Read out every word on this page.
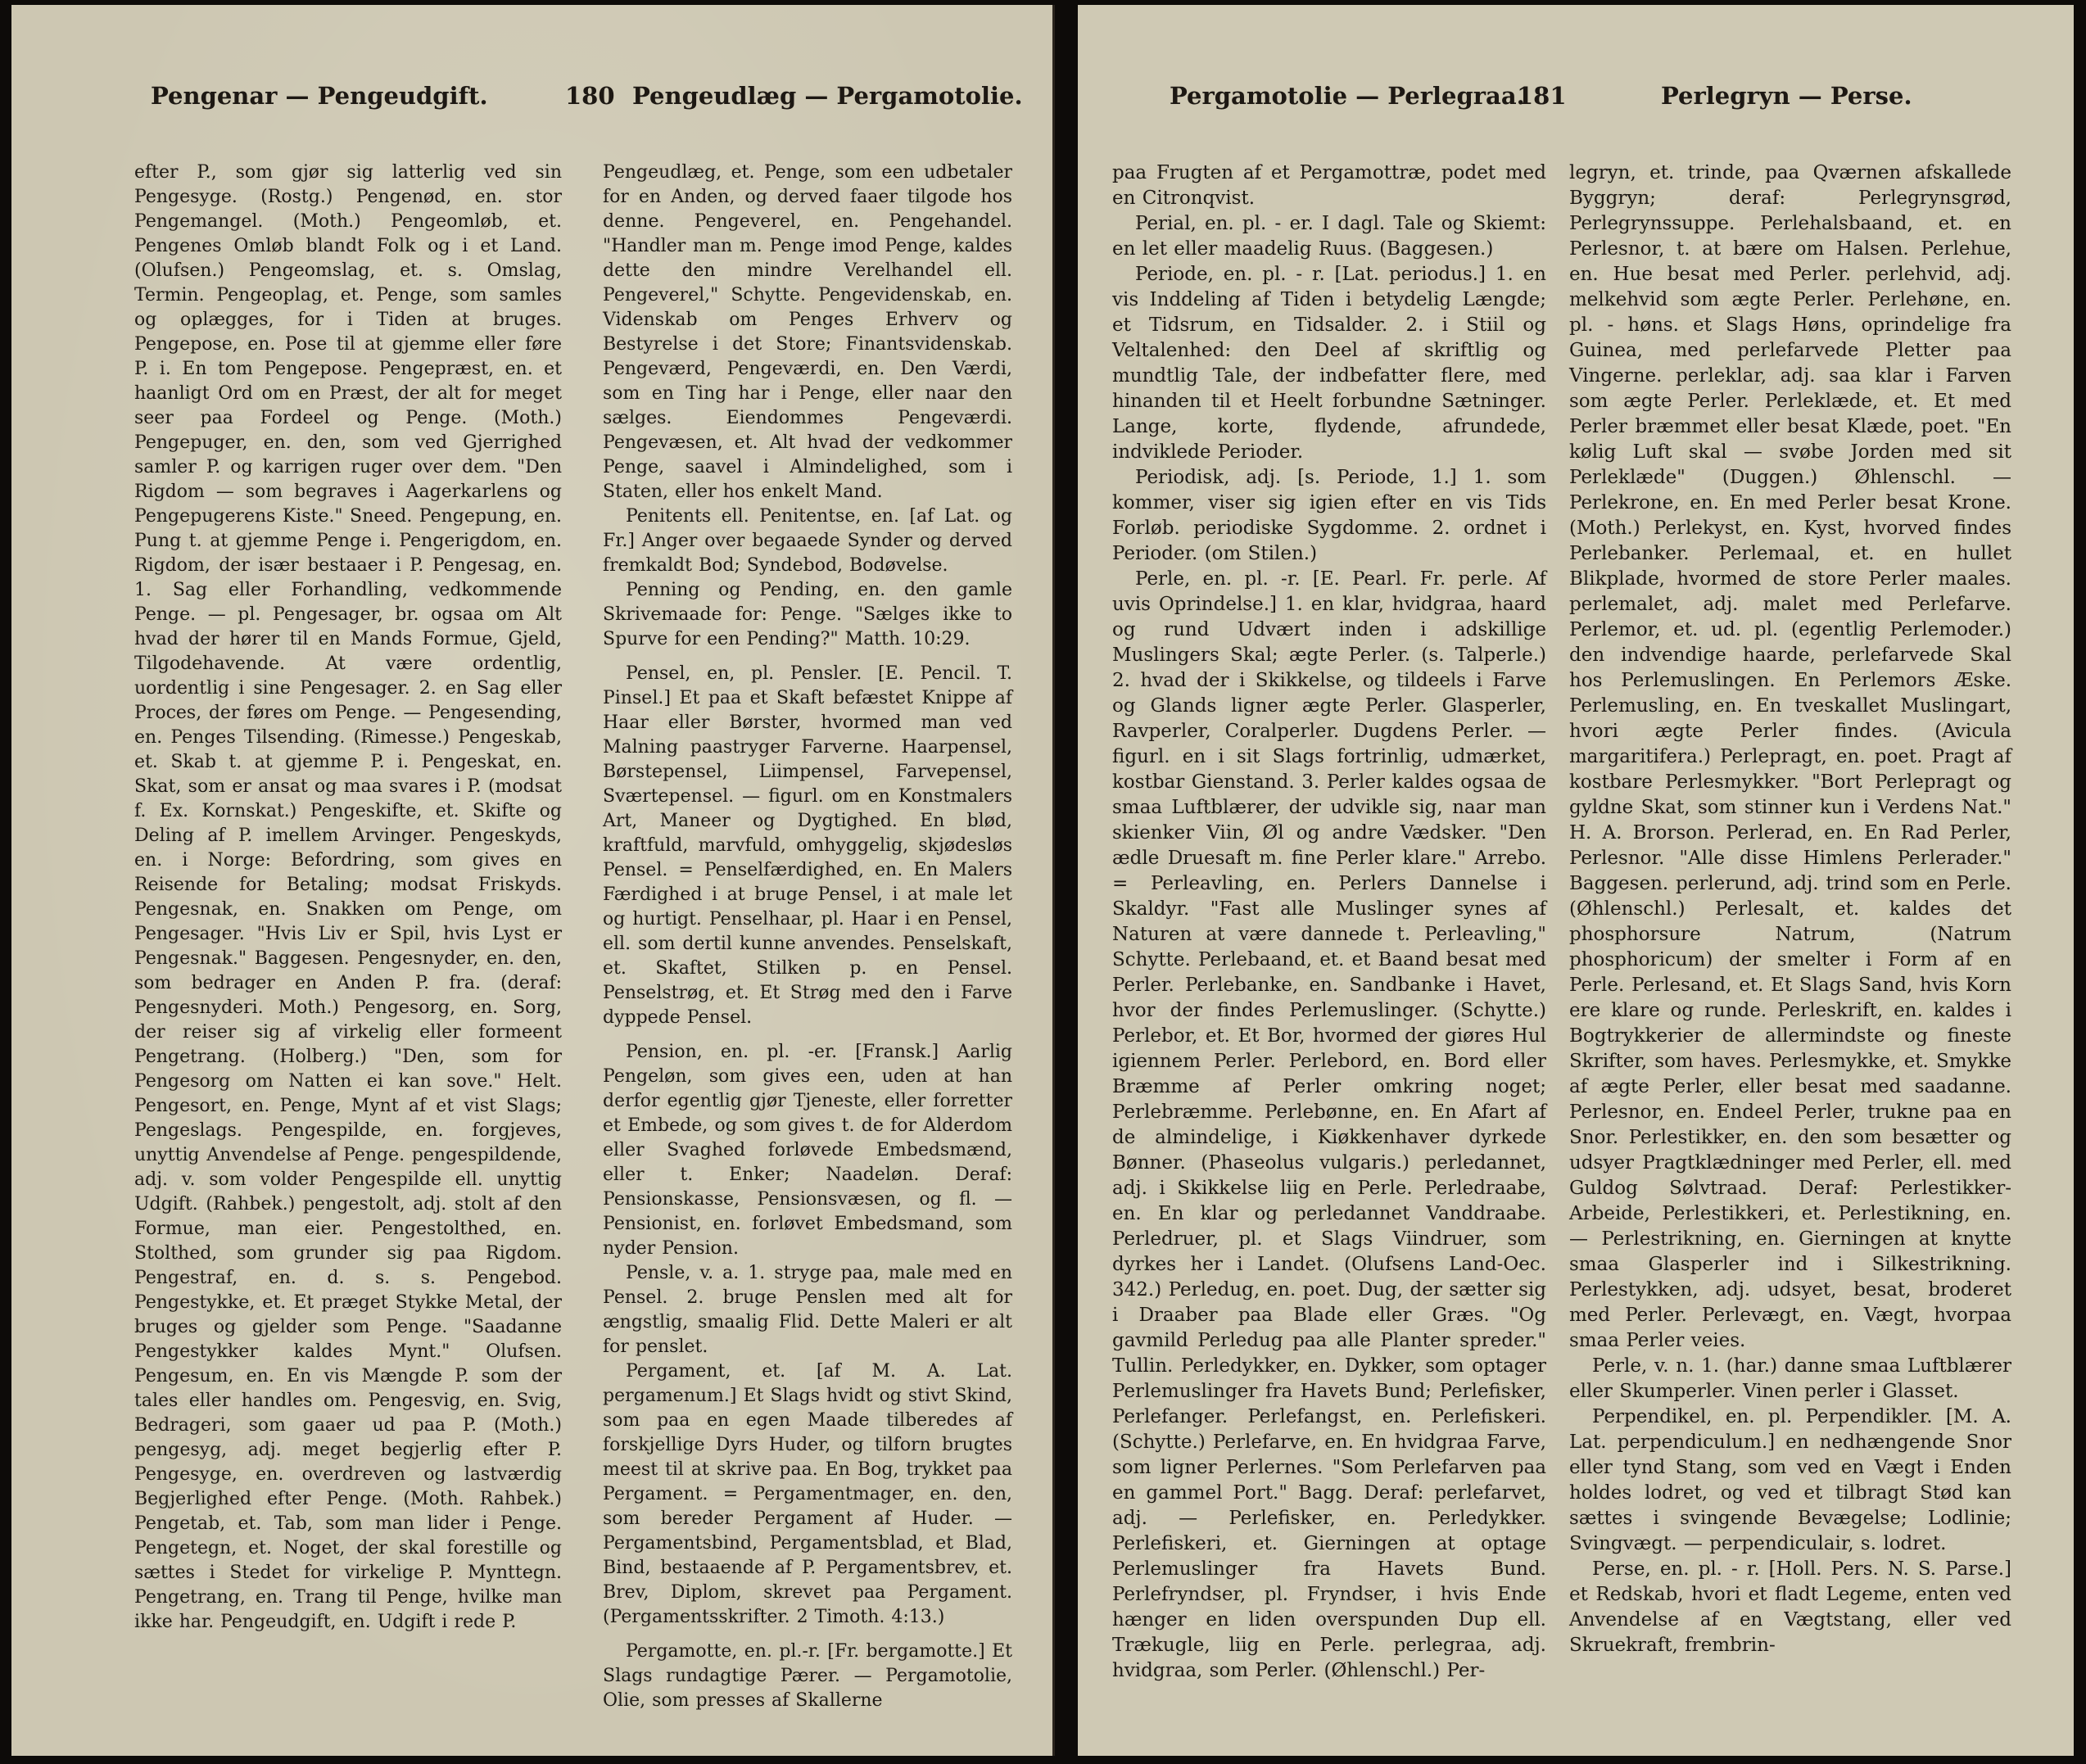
Pengenar — Pengeudgift.	180 Pengeudlæg — Pergamotolie.

efter P., som gjør sig latterlig ved sin Pengesyge. (Rostg.) Pengenød, en. stor Pengemangel. (Moth.) Pengeomløb, et. Pengenes Omløb blandt Folk og i et Land. (Olufsen.) Pengeomslag, et. s. Omslag, Termin. Pengeoplag, et. Penge, som samles og oplægges, for i Tiden at bruges. Pengepose, en. Pose til at gjemme eller føre P. i. En tom Pengepose. Pengepræst, en. et haanligt Ord om en Præst, der alt for meget seer paa Fordeel og Penge. (Moth.) Pengepuger, en. den, som ved Gjerrighed samler P. og karrigen ruger over dem. "Den Rigdom — som begraves i Aagerkarlens og Pengepugerens Kiste." Sneed. Pengepung, en. Pung t. at gjemme Penge i. Pengerigdom, en. Rigdom, der især bestaaer i P. Pengesag, en. 1. Sag eller Forhandling, vedkommende Penge. — pl. Pengesager, br. ogsaa om Alt hvad der hører til en Mands Formue, Gjeld, Tilgodehavende. At være ordentlig, uordentlig i sine Pengesager. 2. en Sag eller Proces, der føres om Penge. — Pengesending, en. Penges Tilsending. (Rimesse.) Pengeskab, et. Skab t. at gjemme P. i. Pengeskat, en. Skat, som er ansat og maa svares i P. (modsat f. Ex. Kornskat.) Pengeskifte, et. Skifte og Deling af P. imellem Arvinger. Pengeskyds, en. i Norge: Befordring, som gives en Reisende for Betaling; modsat Friskyds. Pengesnak, en. Snakken om Penge, om Pengesager. "Hvis Liv er Spil, hvis Lyst er Pengesnak." Baggesen. Pengesnyder, en. den, som bedrager en Anden P. fra. (deraf: Pengesnyderi. Moth.) Pengesorg, en. Sorg, der reiser sig af virkelig eller formeent Pengetrang. (Holberg.) "Den, som for Pengesorg om Natten ei kan sove." Helt. Pengesort, en. Penge, Mynt af et vist Slags; Pengeslags. Pengespilde, en. forgjeves, unyttig Anvendelse af Penge. pengespildende, adj. v. som volder Pengespilde ell. unyttig Udgift. (Rahbek.) pengestolt, adj. stolt af den Formue, man eier. Pengestolthed, en. Stolthed, som grunder sig paa Rigdom. Pengestraf, en. d. s. s. Pengebod. Pengestykke, et. Et præget Stykke Metal, der bruges og gjelder som Penge. "Saadanne Pengestykker kaldes Mynt." Olufsen. Pengesum, en. En vis Mængde P. som der tales eller handles om. Pengesvig, en. Svig, Bedrageri, som gaaer ud paa P. (Moth.) pengesyg, adj. meget begjerlig efter P. Pengesyge, en. overdreven og lastværdig Begjerlighed efter Penge. (Moth. Rahbek.) Pengetab, et. Tab, som man lider i Penge. Pengetegn, et. Noget, der skal forestille og sættes i Stedet for virkelige P. Mynttegn. Pengetrang, en. Trang til Penge, hvilke man ikke har. Pengeudgift, en. Udgift i rede P.

Pengeudlæg, et. Penge, som een udbetaler for en Anden, og derved faaer tilgode hos denne. Pengeverel, en. Pengehandel. "Handler man m. Penge imod Penge, kaldes dette den mindre Verelhandel ell. Pengeverel," Schytte. Pengevidenskab, en. Videnskab om Penges Erhverv og Bestyrelse i det Store; Finantsvidenskab. Pengeværd, Pengeværdi, en. Den Værdi, som en Ting har i Penge, eller naar den sælges. Eiendommes Pengeværdi. Pengevæsen, et. Alt hvad der vedkommer Penge, saavel i Almindelighed, som i Staten, eller hos enkelt Mand.

Penitents ell. Penitentse, en. [af Lat. og Fr.] Anger over begaaede Synder og derved fremkaldt Bod; Syndebod, Bodøvelse.

Penning og Pending, en. den gamle Skrivemaade for: Penge. "Sælges ikke to Spurve for een Pending?" Matth. 10:29.

Pensel, en, pl. Pensler. [E. Pencil. T. Pinsel.] Et paa et Skaft befæstet Knippe af Haar eller Børster, hvormed man ved Malning paastryger Farverne. Haarpensel, Børstepensel, Liimpensel, Farvepensel, Sværtepensel. — figurl. om en Konstmalers Art, Maneer og Dygtighed. En blød, kraftfuld, marvfuld, omhyggelig, skjødesløs Pensel. = Penselfærdighed, en. En Malers Færdighed i at bruge Pensel, i at male let og hurtigt. Penselhaar, pl. Haar i en Pensel, ell. som dertil kunne anvendes. Penselskaft, et. Skaftet, Stilken p. en Pensel. Penselstrøg, et. Et Strøg med den i Farve dyppede Pensel.

Pension, en. pl. -er. [Fransk.] Aarlig Pengeløn, som gives een, uden at han derfor egentlig gjør Tjeneste, eller forretter et Embede, og som gives t. de for Alderdom eller Svaghed forløvede Embedsmænd, eller t. Enker; Naadeløn. Deraf: Pensionskasse, Pensionsvæsen, og fl. — Pensionist, en. forløvet Embedsmand, som nyder Pension.

Pensle, v. a. 1. stryge paa, male med en Pensel. 2. bruge Penslen med alt for ængstlig, smaalig Flid. Dette Maleri er alt for penslet.

Pergament, et. [af M. A. Lat. pergamenum.] Et Slags hvidt og stivt Skind, som paa en egen Maade tilberedes af forskjellige Dyrs Huder, og tilforn brugtes meest til at skrive paa. En Bog, trykket paa Pergament. = Pergamentmager, en. den, som bereder Pergament af Huder. — Pergamentsbind, Pergamentsblad, et Blad, Bind, bestaaende af P. Pergamentsbrev, et. Brev, Diplom, skrevet paa Pergament. (Pergamentsskrifter. 2 Timoth. 4:13.)

Pergamotte, en. pl.-r. [Fr. bergamotte.] Et Slags rundagtige Pærer. — Pergamotolie, Olie, som presses af Skallerne

Pergamotolie — Perlegraa.
181	Perlegryn — Perse.

paa Frugten af et Pergamottræ, podet med en Citronqvist.

Perial, en. pl. - er. I dagl. Tale og Skiemt: en let eller maadelig Ruus. (Baggesen.)

Periode, en. pl. - r. [Lat. periodus.] 1. en vis Inddeling af Tiden i betydelig Længde; et Tidsrum, en Tidsalder. 2. i Stiil og Veltalenhed: den Deel af skriftlig og mundtlig Tale, der indbefatter flere, med hinanden til et Heelt forbundne Sætninger. Lange, korte, flydende, afrundede, indviklede Perioder.

Periodisk, adj. [s. Periode, 1.] 1. som kommer, viser sig igien efter en vis Tids Forløb. periodiske Sygdomme. 2. ordnet i Perioder. (om Stilen.)

Perle, en. pl. -r. [E. Pearl. Fr. perle. Af uvis Oprindelse.] 1. en klar, hvidgraa, haard og rund Udvært inden i adskillige Muslingers Skal; ægte Perler. (s. Talperle.) 2. hvad der i Skikkelse, og tildeels i Farve og Glands ligner ægte Perler. Glasperler, Ravperler, Coralperler. Dugdens Perler. — figurl. en i sit Slags fortrinlig, udmærket, kostbar Gienstand. 3. Perler kaldes ogsaa de smaa Luftblærer, der udvikle sig, naar man skienker Viin, Øl og andre Vædsker. "Den ædle Druesaft m. fine Perler klare." Arrebo. = Perleavling, en. Perlers Dannelse i Skaldyr. "Fast alle Muslinger synes af Naturen at være dannede t. Perleavling," Schytte. Perlebaand, et. et Baand besat med Perler. Perlebanke, en. Sandbanke i Havet, hvor der findes Perlemuslinger. (Schytte.) Perlebor, et. Et Bor, hvormed der giøres Hul igiennem Perler. Perlebord, en. Bord eller Bræmme af Perler omkring noget; Perlebræmme. Perlebønne, en. En Afart af de almindelige, i Kiøkkenhaver dyrkede Bønner. (Phaseolus vulgaris.) perledannet, adj. i Skikkelse liig en Perle. Perledraabe, en. En klar og perledannet Vanddraabe. Perledruer, pl. et Slags Viindruer, som dyrkes her i Landet. (Olufsens Land-Oec. 342.) Perledug, en. poet. Dug, der sætter sig i Draaber paa Blade eller Græs. "Og gavmild Perledug paa alle Planter spreder." Tullin. Perledykker, en. Dykker, som optager Perlemuslinger fra Havets Bund; Perlefisker, Perlefanger. Perlefangst, en. Perlefiskeri. (Schytte.) Perlefarve, en. En hvidgraa Farve, som ligner Perlernes. "Som Perlefarven paa en gammel Port." Bagg. Deraf: perlefarvet, adj. — Perlefisker, en. Perledykker. Perlefiskeri, et. Gierningen at optage Perlemuslinger fra Havets Bund. Perlefryndser, pl. Fryndser, i hvis Ende hænger en liden overspunden Dup ell. Trækugle, liig en Perle. perlegraa, adj. hvidgraa, som Perler. (Øhlenschl.) Per-

legryn, et. trinde, paa Qværnen afskallede Byggryn; deraf: Perlegrynsgrød, Perlegrynssuppe. Perlehalsbaand, et. en Perlesnor, t. at bære om Halsen. Perlehue, en. Hue besat med Perler. perlehvid, adj. melkehvid som ægte Perler. Perlehøne, en. pl. - høns. et Slags Høns, oprindelige fra Guinea, med perlefarvede Pletter paa Vingerne. perleklar, adj. saa klar i Farven som ægte Perler. Perleklæde, et. Et med Perler bræmmet eller besat Klæde, poet. "En kølig Luft skal — svøbe Jorden med sit Perleklæde" (Duggen.) Øhlenschl. — Perlekrone, en. En med Perler besat Krone. (Moth.) Perlekyst, en. Kyst, hvorved findes Perlebanker. Perlemaal, et. en hullet Blikplade, hvormed de store Perler maales. perlemalet, adj. malet med Perlefarve. Perlemor, et. ud. pl. (egentlig Perlemoder.) den indvendige haarde, perlefarvede Skal hos Perlemuslingen. En Perlemors Æske. Perlemusling, en. En tveskallet Muslingart, hvori ægte Perler findes. (Avicula margaritifera.) Perlepragt, en. poet. Pragt af kostbare Perlesmykker. "Bort Perlepragt og gyldne Skat, som stinner kun i Verdens Nat." H. A. Brorson. Perlerad, en. En Rad Perler, Perlesnor. "Alle disse Himlens Perlerader." Baggesen. perlerund, adj. trind som en Perle. (Øhlenschl.) Perlesalt, et. kaldes det phosphorsure Natrum, (Natrum phosphoricum) der smelter i Form af en Perle. Perlesand, et. Et Slags Sand, hvis Korn ere klare og runde. Perleskrift, en. kaldes i Bogtrykkerier de allermindste og fineste Skrifter, som haves. Perlesmykke, et. Smykke af ægte Perler, eller besat med saadanne. Perlesnor, en. Endeel Perler, trukne paa en Snor. Perlestikker, en. den som besætter og udsyer Pragtklædninger med Perler, ell. med Guldog Sølvtraad. Deraf: Perlestikker-Arbeide, Perlestikkeri, et. Perlestikning, en. — Perlestrikning, en. Gierningen at knytte smaa Glasperler ind i Silkestrikning. Perlestykken, adj. udsyet, besat, broderet med Perler. Perlevægt, en. Vægt, hvorpaa smaa Perler veies.

Perle, v. n. 1. (har.) danne smaa Luftblærer eller Skumperler. Vinen perler i Glasset.

Perpendikel, en. pl. Perpendikler. [M. A. Lat. perpendiculum.] en nedhængende Snor eller tynd Stang, som ved en Vægt i Enden holdes lodret, og ved et tilbragt Stød kan sættes i svingende Bevægelse; Lodlinie; Svingvægt. — perpendiculair, s. lodret.

Perse, en. pl. - r. [Holl. Pers. N. S. Parse.] et Redskab, hvori et fladt Legeme, enten ved Anvendelse af en Vægtstang, eller ved Skruekraft, frembrin-
